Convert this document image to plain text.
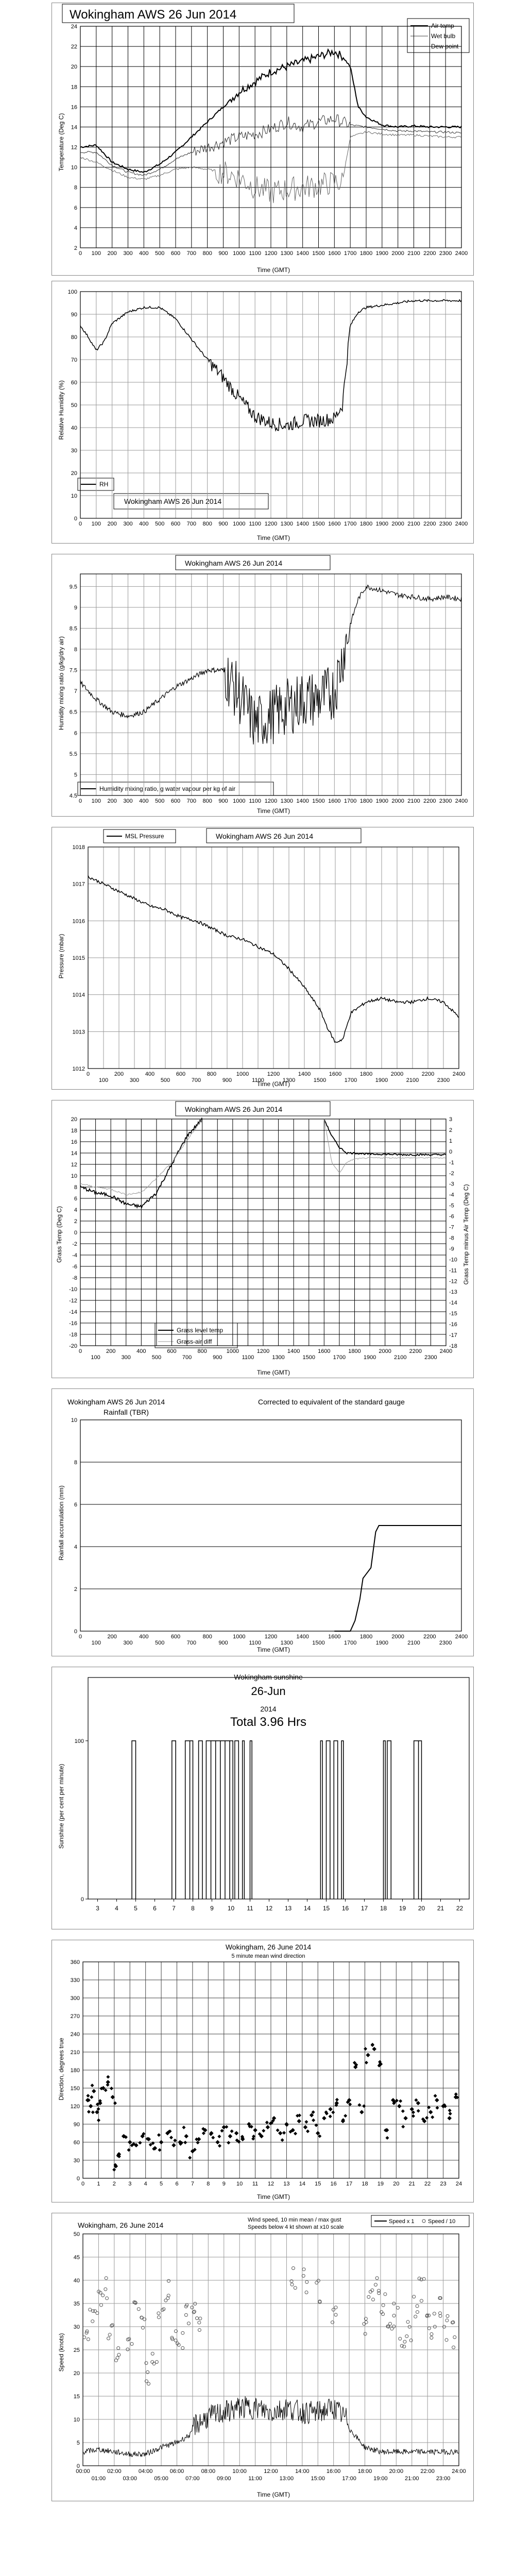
Wokingham AWS 26 Jun 2014
Temperature (Deg C)
Time (GMT)
Air temp
Wet bulb
Dew point
2
4
6
8
10
12
14
16
18
20
22
24
0 100 200 300 400 500 600 700 800 900 1000 1100 1200 1300 1400 1500 1600 1700 1800 1900 2000 2100 2200 2300 2400
Wokingham AWS 26 Jun 2014
RH
Relative Humidity (%)
Time (GMT)
0
10
20
30
40
50
60
70
80
90
100
0 100 200 300 400 500 600 700 800 900 1000 1100 1200 1300 1400 1500 1600 1700 1800 1900 2000 2100 2200 2300 2400
Wokingham AWS 26 Jun 2014
Humidity mixing ratio, g water vapour per kg of air
Humidity mixing ratio (g/kg/dry air)
Time (GMT)
4.5
5
5.5
6
6.5
7
7.5
8
8.5
9
9.5
0 100 200 300 400 500 600 700 800 900 1000 1100 1200 1300 1400 1500 1600 1700 1800 1900 2000 2100 2200 2300 2400
MSL Pressure	Wokingham AWS 26 Jun 2014
Pressure (mbar)
Time (GMT)
1012
1013
1014
1015
1016
1017
1018
0
100
200
300
400
500
600
700
800
900
1000
1100
1200
1300
1400
1500
1600
1700
1800
1900
2000
2100
2200
2300
2400
Wokingham AWS 26 Jun 2014
Grass level temp
Grass-air diff
Grass Temp (Deg C)	Grass Temp minus Air Temp (Deg C)
Time (GMT)
-20
-18
-16
-14
-12
-10
-8
-6
-4
-2
0
2
4
6
8
10
12
14
16
18
20
0
100
200
300
400
500
600
700
800
900
1000
1100
1200
1300
1400
1500
1600
1700
1800
1900
2000
2100
2200
2300
2400
3
2
1
0
-1
-2
-3
-4
-5
-6
-7
-8
-9
-10
-11
-12
-13
-14
-15
-16
-17
-18
Wokingham AWS 26 Jun 2014
Rainfall (TBR)
Corrected to equivalent of the standard gauge
Rainfall accumulation (mm)
Time (GMT)
0
2
4
6
8
10
0
100
200
300
400
500
600
700
800
900
1000
1100
1200
1300
1400
1500
1600
1700
1800
1900
2000
2100
2200
2300
2400
Wokingham sunshine
26-Jun
2014
Total 3.96 Hrs
Sunshine (per cent per minute)
0
100
3	4	5	6	7	8	9 10 11 12 13 14 15 16 17 18 19 20 21 22
Wokingham, 26 June 2014
5 minute mean wind direction
Direction, degrees true
Time (GMT)
0
30
60
90
120
150
180
210
240
270
300
330
360
0 1 2 3 4 5 6 7 8 9 10 11 12 13 14 15 16 17 18 19 20 21 22 23 24
Wokingham, 26 June 2014
Wind speed, 10 min mean / max gust
Speeds below 4 kt shown at x10 scale
Speed x 1 Speed / 10
Speed (knots)
Time (GMT)
0
5
10
15
20
25
30
35
40
45
50
00:00	02:00	04:00	06:00	08:00	10:00	12:00	14:00	16:00	18:00	20:00	22:00	24:00
01:00	03:00	05:00	07:00	09:00	11:00	13:00	15:00	17:00	19:00	21:00	23:00
